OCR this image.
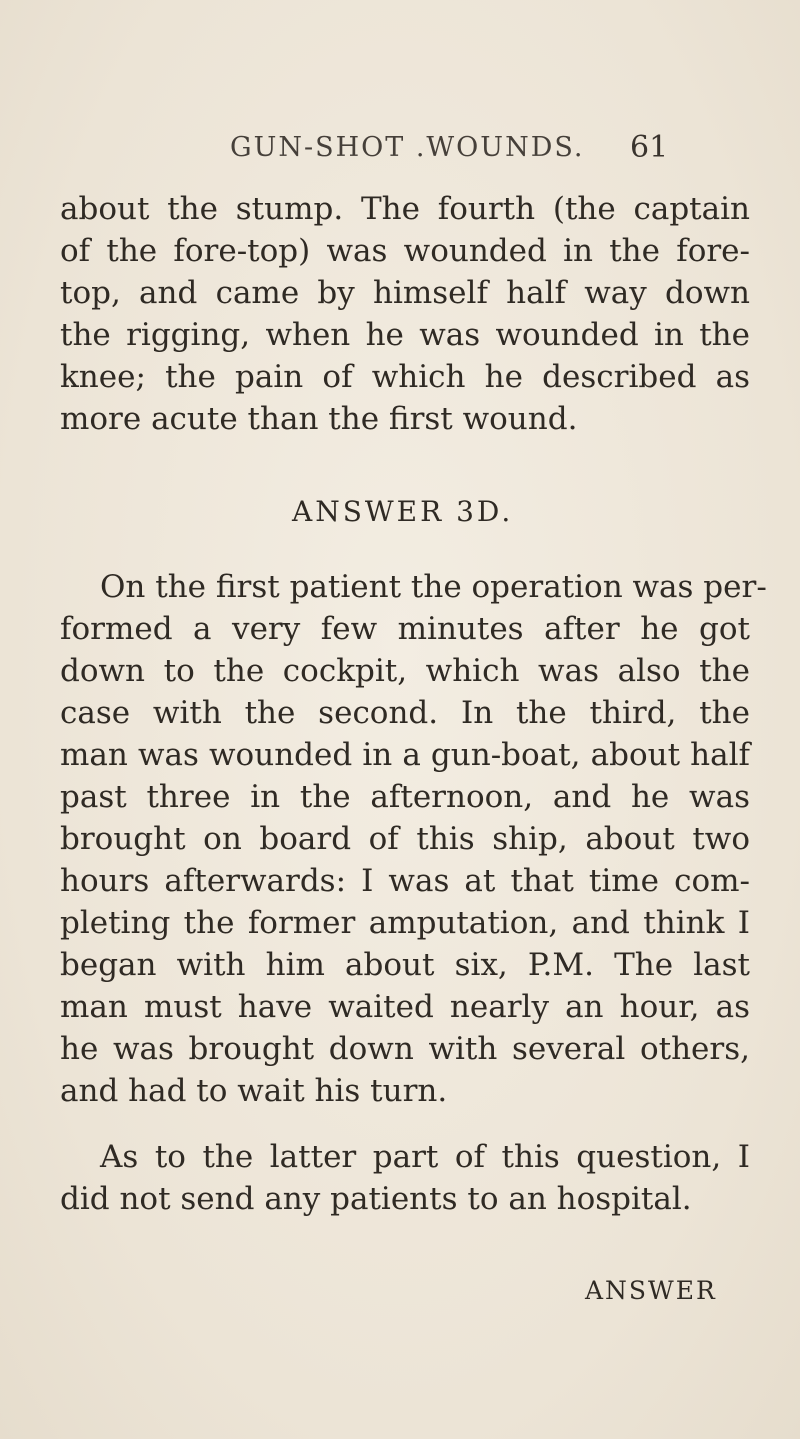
GUN-SHOT .WOUNDS. 61
about the stump. The fourth (the captain
of the fore-top) was wounded in the fore-
top, and came by himself half way down
the rigging, when he was wounded in the
knee; the pain of which he described as
more acute than the first wound.
ANSWER 3D.
On the first patient the operation was per-
formed a very few minutes after he got
down to the cockpit, which was also the
case with the second. In the third, the
man was wounded in a gun-boat, about half
past three in the afternoon, and he was
brought on board of this ship, about two
hours afterwards: I was at that time com-
pleting the former amputation, and think I
began with him about six, P.M. The last
man must have waited nearly an hour, as
he was brought down with several others,
and had to wait his turn.
As to the latter part of this question, I
did not send any patients to an hospital.
ANSWER
